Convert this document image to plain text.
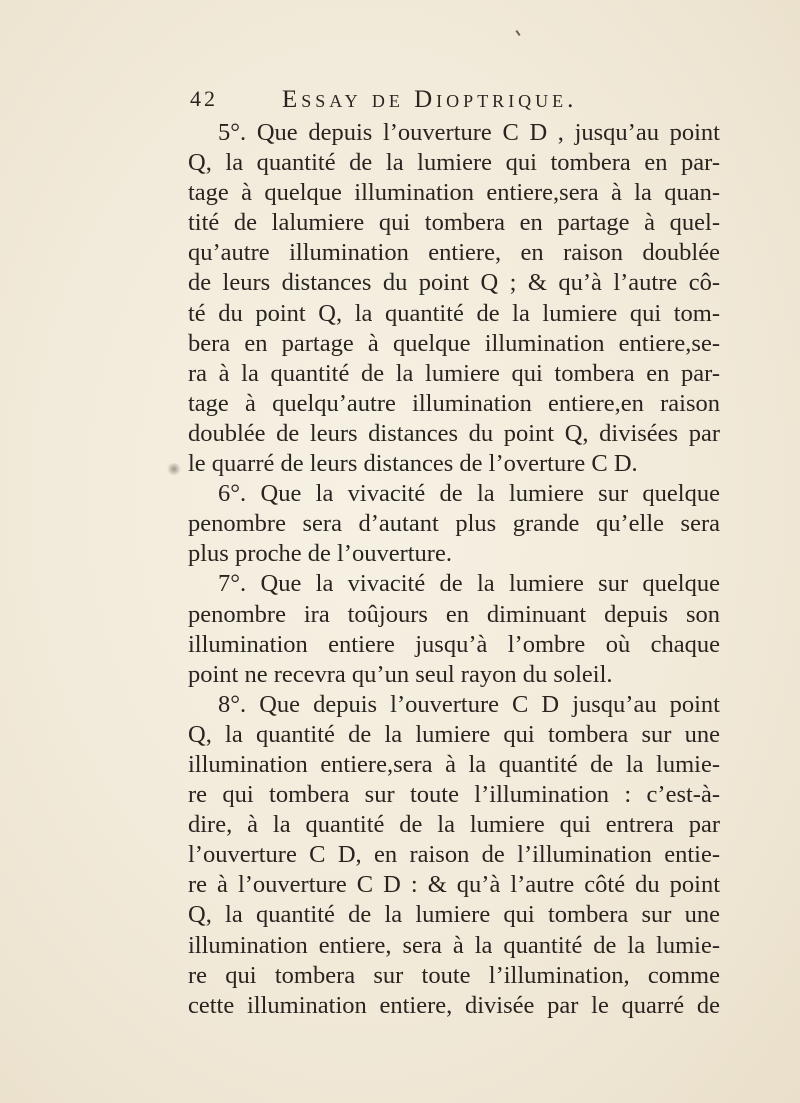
42	Essay de Dioptrique.
5°. Que depuis l’ouverture C D , jusqu’au point
Q, la quantité de la lumiere qui tombera en par-
tage à quelque illumination entiere,sera à la quan-
tité de lalumiere qui tombera en partage à quel-
qu’autre illumination entiere, en raison doublée
de leurs distances du point Q ; & qu’à l’autre cô-
té du point Q, la quantité de la lumiere qui tom-
bera en partage à quelque illumination entiere,se-
ra à la quantité de la lumiere qui tombera en par-
tage à quelqu’autre illumination entiere,en raison
doublée de leurs distances du point Q, divisées par
le quarré de leurs distances de l’overture C D.
6°. Que la vivacité de la lumiere sur quelque
penombre sera d’autant plus grande qu’elle sera
plus proche de l’ouverture.
7°. Que la vivacité de la lumiere sur quelque
penombre ira toûjours en diminuant depuis son
illumination entiere jusqu’à l’ombre où chaque
point ne recevra qu’un seul rayon du soleil.
8°. Que depuis l’ouverture C D jusqu’au point
Q, la quantité de la lumiere qui tombera sur une
illumination entiere,sera à la quantité de la lumie-
re qui tombera sur toute l’illumination : c’est-à-
dire, à la quantité de la lumiere qui entrera par
l’ouverture C D, en raison de l’illumination entie-
re à l’ouverture C D : & qu’à l’autre côté du point
Q, la quantité de la lumiere qui tombera sur une
illumination entiere, sera à la quantité de la lumie-
re qui tombera sur toute l’illumination, comme
cette illumination entiere, divisée par le quarré de
